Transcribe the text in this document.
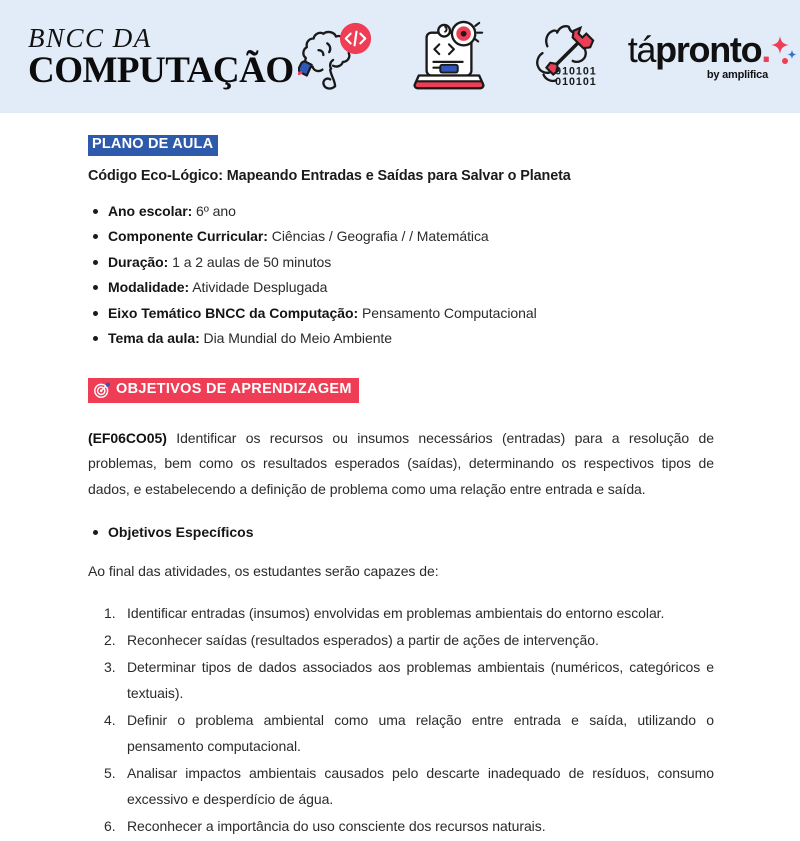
BNCC DA
COMPUTAÇÃO	010101
010101
tápronto.
by amplifica
PLANO DE AULA
Código Eco-Lógico: Mapeando Entradas e Saídas para Salvar o Planeta
Ano escolar: 6º ano
Componente Curricular: Ciências / Geografia / / Matemática
Duração: 1 a 2 aulas de 50 minutos
Modalidade: Atividade Desplugada
Eixo Temático BNCC da Computação: Pensamento Computacional
Tema da aula: Dia Mundial do Meio Ambiente
OBJETIVOS DE APRENDIZAGEM

(EF06CO05) Identificar os recursos ou insumos necessários (entradas) para a resolução de problemas, bem como os resultados esperados (saídas), determinando os respectivos tipos de dados, e estabelecendo a definição de problema como uma relação entre entrada e saída.

Objetivos Específicos
Ao final das atividades, os estudantes serão capazes de:
Identificar entradas (insumos) envolvidas em problemas ambientais do entorno escolar.
Reconhecer saídas (resultados esperados) a partir de ações de intervenção.
Determinar tipos de dados associados aos problemas ambientais (numéricos, categóricos e textuais).
Definir o problema ambiental como uma relação entre entrada e saída, utilizando o pensamento computacional.
Analisar impactos ambientais causados pelo descarte inadequado de resíduos, consumo excessivo e desperdício de água.
Reconhecer a importância do uso consciente dos recursos naturais.
